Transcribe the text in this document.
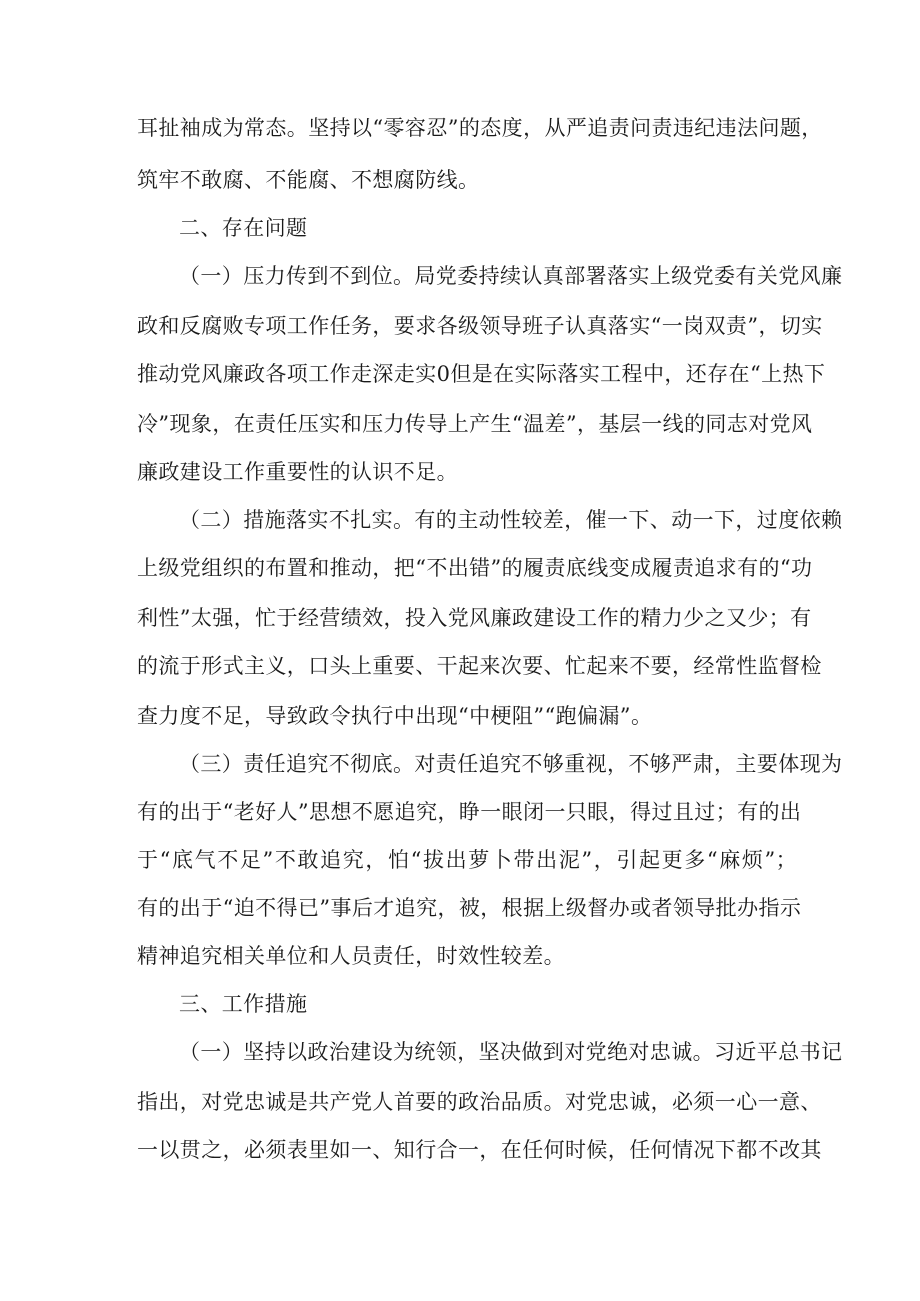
耳扯袖成为常态。坚持以“零容忍”的态度，从严追责问责违纪违法问题，
筑牢不敢腐、不能腐、不想腐防线。
二、存在问题
（一）压力传到不到位。局党委持续认真部署落实上级党委有关党风廉
政和反腐败专项工作任务，要求各级领导班子认真落实“一岗双责”，切实
推动党风廉政各项工作走深走实0但是在实际落实工程中，还存在“上热下
冷”现象，在责任压实和压力传导上产生“温差”，基层一线的同志对党风
廉政建设工作重要性的认识不足。
（二）措施落实不扎实。有的主动性较差，催一下、动一下，过度依赖
上级党组织的布置和推动，把“不出错”的履责底线变成履责追求有的“功
利性”太强，忙于经营绩效，投入党风廉政建设工作的精力少之又少；有
的流于形式主义，口头上重要、干起来次要、忙起来不要，经常性监督检
查力度不足，导致政令执行中出现“中梗阻”“跑偏漏”。
（三）责任追究不彻底。对责任追究不够重视，不够严肃，主要体现为
有的出于“老好人”思想不愿追究，睁一眼闭一只眼，得过且过；有的出
于“底气不足”不敢追究，怕“拔出萝卜带出泥”，引起更多“麻烦”；
有的出于“迫不得已”事后才追究，被，根据上级督办或者领导批办指示
精神追究相关单位和人员责任，时效性较差。
三、工作措施
（一）坚持以政治建设为统领，坚决做到对党绝对忠诚。习近平总书记
指出，对党忠诚是共产党人首要的政治品质。对党忠诚，必须一心一意、
一以贯之，必须表里如一、知行合一，在任何时候，任何情况下都不改其
